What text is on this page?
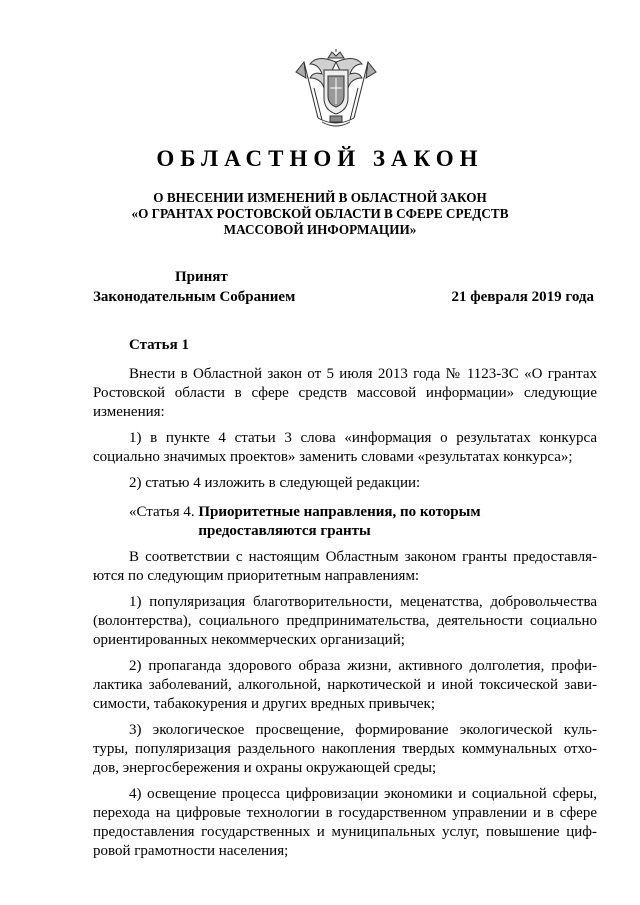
ОБЛАСТНОЙ ЗАКОН
О ВНЕСЕНИИ ИЗМЕНЕНИЙ В ОБЛАСТНОЙ ЗАКОН
«О ГРАНТАХ РОСТОВСКОЙ ОБЛАСТИ В СФЕРЕ СРЕДСТВ
МАССОВОЙ ИНФОРМАЦИИ»
Принят
Законодательным Собранием	21 февраля 2019 года

Статья 1

Внести в Областной закон от 5 июля 2013 года № 1123-ЗС «О грантах
Ростовской области в сфере средств массовой информации» следующие
изменения:

1) в пункте 4 статьи 3 слова «информация о результатах конкурса
социально значимых проектов» заменить словами «результатах конкурса»;

2) статью 4 изложить в следующей редакции:

«Статья 4. Приоритетные направления, по которым
предоставляются гранты

В соответствии с настоящим Областным законом гранты предоставля-
ются по следующим приоритетным направлениям:

1) популяризация благотворительности, меценатства, добровольчества
(волонтерства), социального предпринимательства, деятельности социально
ориентированных некоммерческих организаций;

2) пропаганда здорового образа жизни, активного долголетия, профи-
лактика заболеваний, алкогольной, наркотической и иной токсической зави-
симости, табакокурения и других вредных привычек;

3) экологическое просвещение, формирование экологической куль-
туры, популяризация раздельного накопления твердых коммунальных отхо-
дов, энергосбережения и охраны окружающей среды;

4) освещение процесса цифровизации экономики и социальной сферы,
перехода на цифровые технологии в государственном управлении и в сфере
предоставления государственных и муниципальных услуг, повышение циф-
ровой грамотности населения;
